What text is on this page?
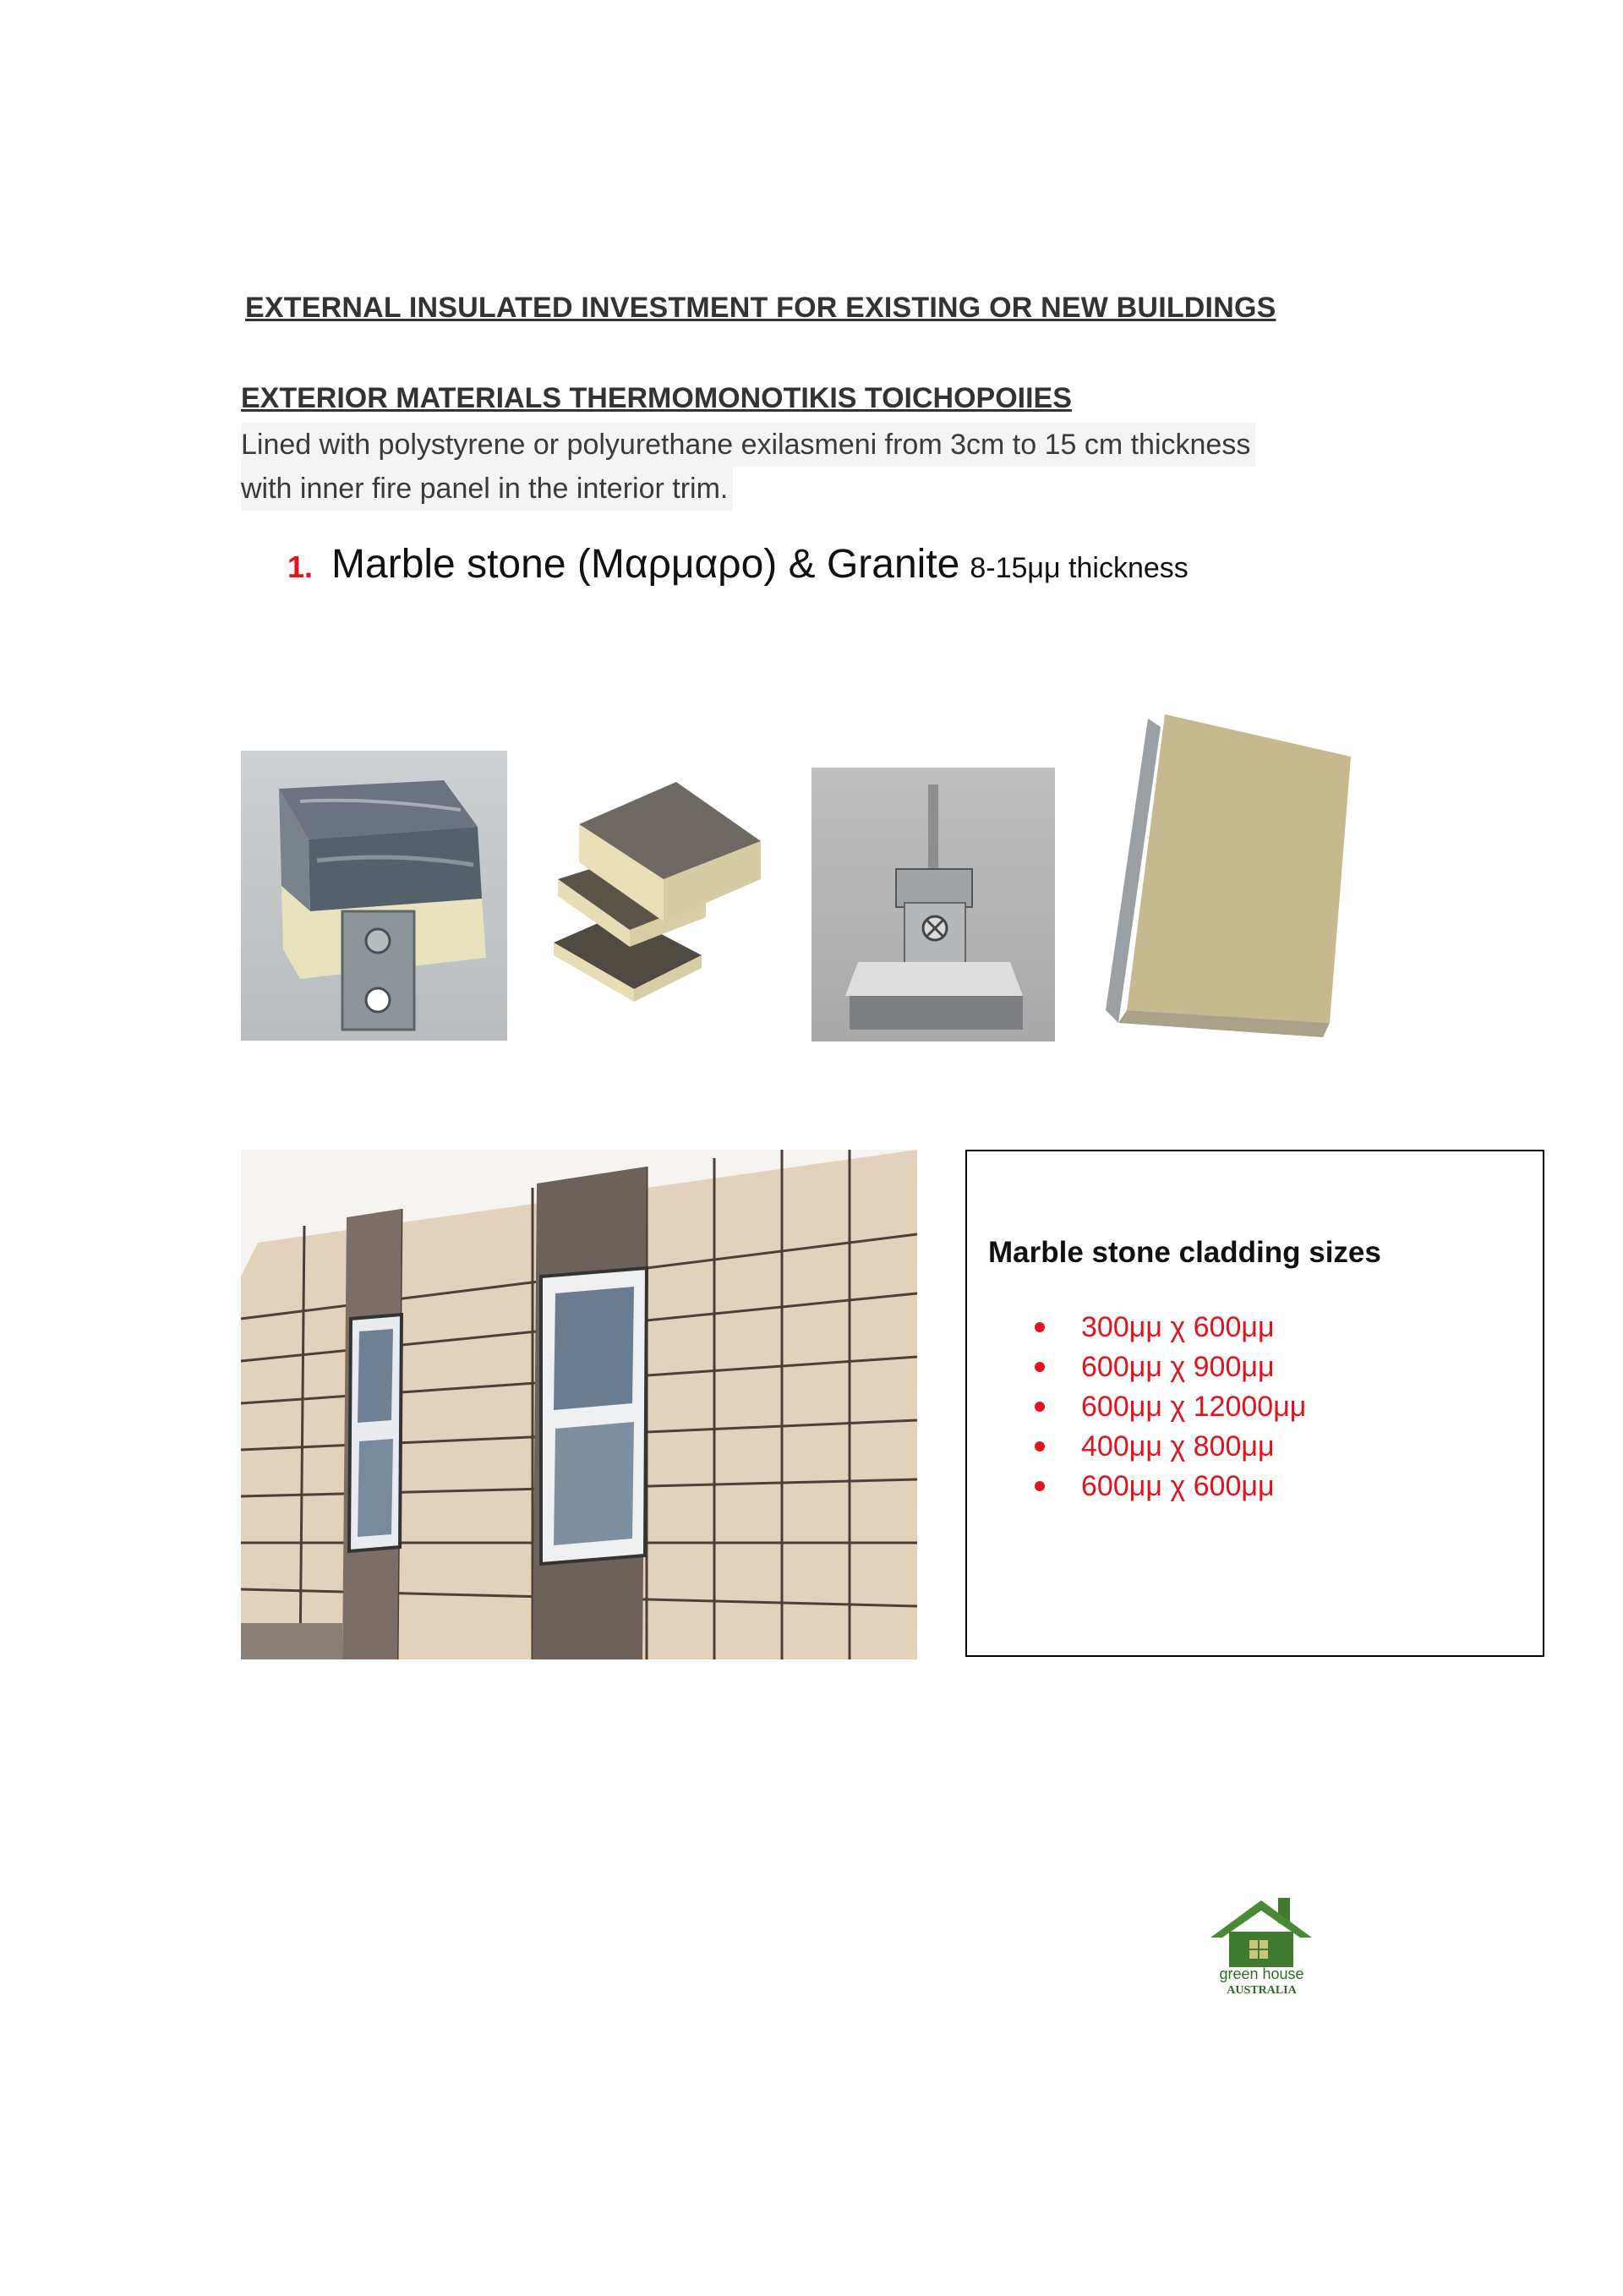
EXTERNAL INSULATED INVESTMENT FOR EXISTING OR NEW BUILDINGS
EXTERIOR MATERIALS THERMOMONOTIKIS TOICHOPOIIES
Lined with polystyrene or polyurethane exilasmeni from 3cm to 15 cm thickness
with inner fire panel in the interior trim.
1. Marble stone (Μαρμαρο) & Granite 8-15μμ thickness
Marble stone cladding sizes
300μμ χ 600μμ
600μμ χ 900μμ
600μμ χ 12000μμ
400μμ χ 800μμ
600μμ χ 600μμ
green house
AUSTRALIA
